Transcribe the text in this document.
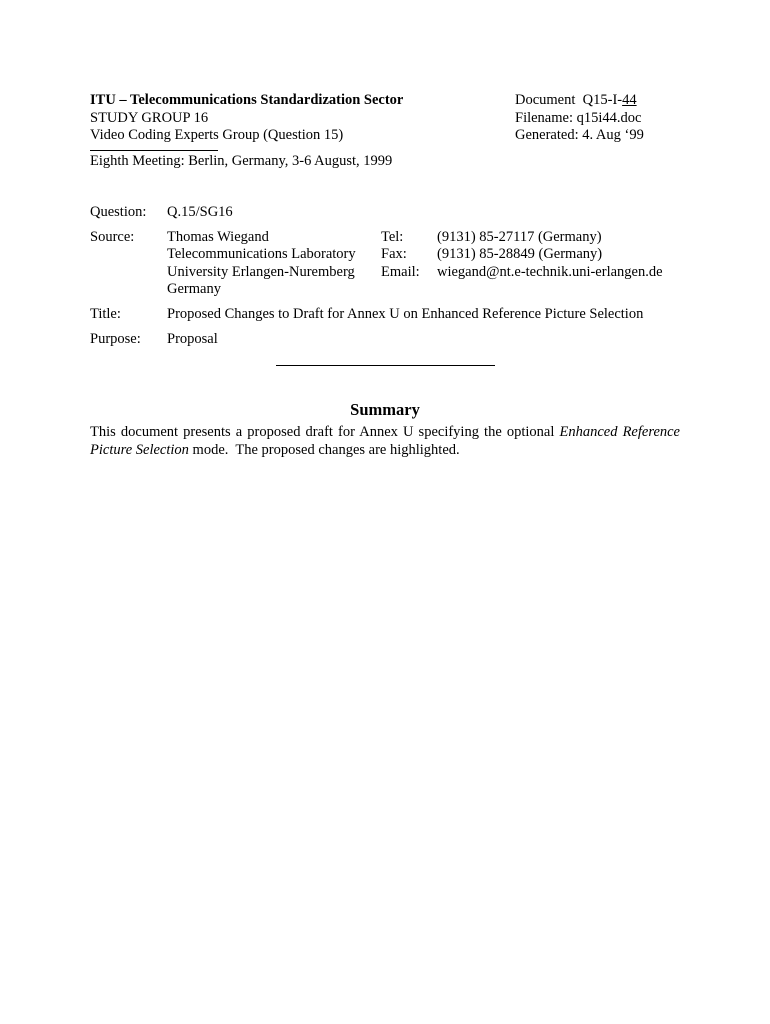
ITU – Telecommunications Standardization Sector
STUDY GROUP 16
Video Coding Experts Group (Question 15)
Document  Q15-I-44
Filename: q15i44.doc
Generated: 4. Aug ‘99
Eighth Meeting: Berlin, Germany, 3-6 August, 1999
Question:	Q.15/SG16
Source:	Thomas Wiegand	Tel:	(9131) 85-27117 (Germany)
Telecommunications Laboratory	Fax:	(9131) 85-28849 (Germany)
University Erlangen-Nuremberg	Email:	wiegand@nt.e-technik.uni-erlangen.de
Germany
Title:	Proposed Changes to Draft for Annex U on Enhanced Reference Picture Selection
Purpose:	Proposal
Summary
This document presents a proposed draft for Annex U specifying the optional Enhanced Reference Picture Selection mode.  The proposed changes are highlighted.
